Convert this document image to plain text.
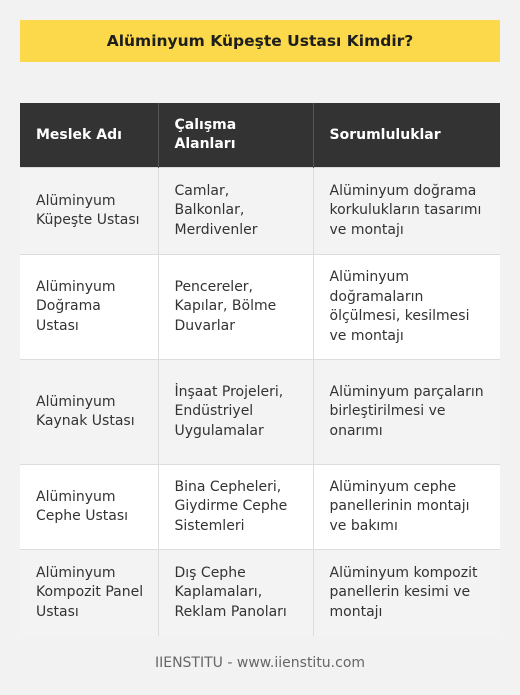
Alüminyum Küpeşte Ustası Kimdir?
Meslek Adı	Çalışma Alanları	Sorumluluklar
Alüminyum Küpeşte Ustası	Camlar, Balkonlar, Merdivenler	Alüminyum doğrama korkulukların tasarımı ve montajı
Alüminyum Doğrama Ustası	Pencereler, Kapılar, Bölme Duvarlar	Alüminyum doğramaların ölçülmesi, kesilmesi ve montajı
Alüminyum Kaynak Ustası	İnşaat Projeleri, Endüstriyel Uygulamalar	Alüminyum parçaların birleştirilmesi ve onarımı
Alüminyum Cephe Ustası	Bina Cepheleri, Giydirme Cephe Sistemleri	Alüminyum cephe panellerinin montajı ve bakımı
Alüminyum Kompozit Panel Ustası	Dış Cephe Kaplamaları, Reklam Panoları	Alüminyum kompozit panellerin kesimi ve montajı
IIENSTITU - www.iienstitu.com
